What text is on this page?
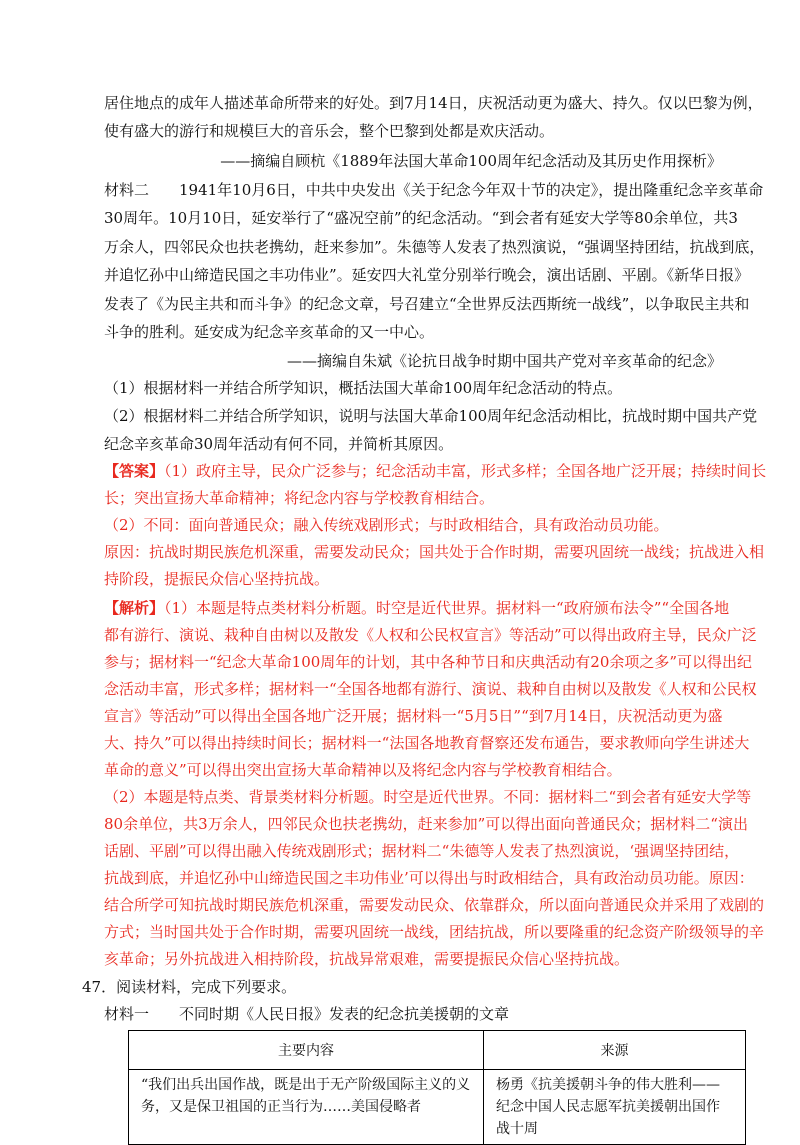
居住地点的成年人描述革命所带来的好处。到7月14日，庆祝活动更为盛大、持久。仅以巴黎为例，
使有盛大的游行和规模巨大的音乐会，整个巴黎到处都是欢庆活动。
——摘编自顾杭《1889年法国大革命100周年纪念活动及其历史作用探析》
材料二　　1941年10月6日，中共中央发出《关于纪念今年双十节的决定》，提出隆重纪念辛亥革命
30周年。10月10日，延安举行了“盛况空前”的纪念活动。“到会者有延安大学等80余单位，共3
万余人，四邻民众也扶老携幼，赶来参加”。朱德等人发表了热烈演说，“强调坚持团结，抗战到底，
并追忆孙中山缔造民国之丰功伟业”。延安四大礼堂分别举行晚会，演出话剧、平剧。《新华日报》
发表了《为民主共和而斗争》的纪念文章，号召建立“全世界反法西斯统一战线”，以争取民主共和
斗争的胜利。延安成为纪念辛亥革命的又一中心。
——摘编自朱斌《论抗日战争时期中国共产党对辛亥革命的纪念》
（1）根据材料一并结合所学知识，概括法国大革命100周年纪念活动的特点。
（2）根据材料二并结合所学知识，说明与法国大革命100周年纪念活动相比，抗战时期中国共产党
纪念辛亥革命30周年活动有何不同，并简析其原因。
【答案】（1）政府主导，民众广泛参与；纪念活动丰富，形式多样；全国各地广泛开展；持续时间长
长；突出宣扬大革命精神；将纪念内容与学校教育相结合。
（2）不同：面向普通民众；融入传统戏剧形式；与时政相结合，具有政治动员功能。
原因：抗战时期民族危机深重，需要发动民众；国共处于合作时期，需要巩固统一战线；抗战进入相
持阶段，提振民众信心坚持抗战。
【解析】（1）本题是特点类材料分析题。时空是近代世界。据材料一“政府颁布法令”“全国各地
都有游行、演说、栽种自由树以及散发《人权和公民权宣言》等活动”可以得出政府主导，民众广泛
参与；据材料一“纪念大革命100周年的计划，其中各种节日和庆典活动有20余项之多”可以得出纪
念活动丰富，形式多样；据材料一“全国各地都有游行、演说、栽种自由树以及散发《人权和公民权
宣言》等活动”可以得出全国各地广泛开展；据材料一“5月5日”“到7月14日，庆祝活动更为盛
大、持久”可以得出持续时间长；据材料一“法国各地教育督察还发布通告，要求教师向学生讲述大
革命的意义”可以得出突出宣扬大革命精神以及将纪念内容与学校教育相结合。
（2）本题是特点类、背景类材料分析题。时空是近代世界。不同：据材料二“到会者有延安大学等
80余单位，共3万余人，四邻民众也扶老携幼，赶来参加”可以得出面向普通民众；据材料二“演出
话剧、平剧”可以得出融入传统戏剧形式；据材料二“朱德等人发表了热烈演说，‘强调坚持团结，
抗战到底，并追忆孙中山缔造民国之丰功伟业’可以得出与时政相结合，具有政治动员功能。原因：
结合所学可知抗战时期民族危机深重，需要发动民众、依靠群众，所以面向普通民众并采用了戏剧的
方式；当时国共处于合作时期，需要巩固统一战线，团结抗战，所以要隆重的纪念资产阶级领导的辛
亥革命；另外抗战进入相持阶段，抗战异常艰难，需要提振民众信心坚持抗战。
47．阅读材料，完成下列要求。
材料一　　不同时期《人民日报》发表的纪念抗美援朝的文章
主要内容	来源
“我们出兵出国作战，既是出于无产阶级国际主义的义务，又是保卫祖国的正当行为……美国侵略者	杨勇《抗美援朝斗争的伟大胜利——纪念中国人民志愿军抗美援朝出国作战十周
